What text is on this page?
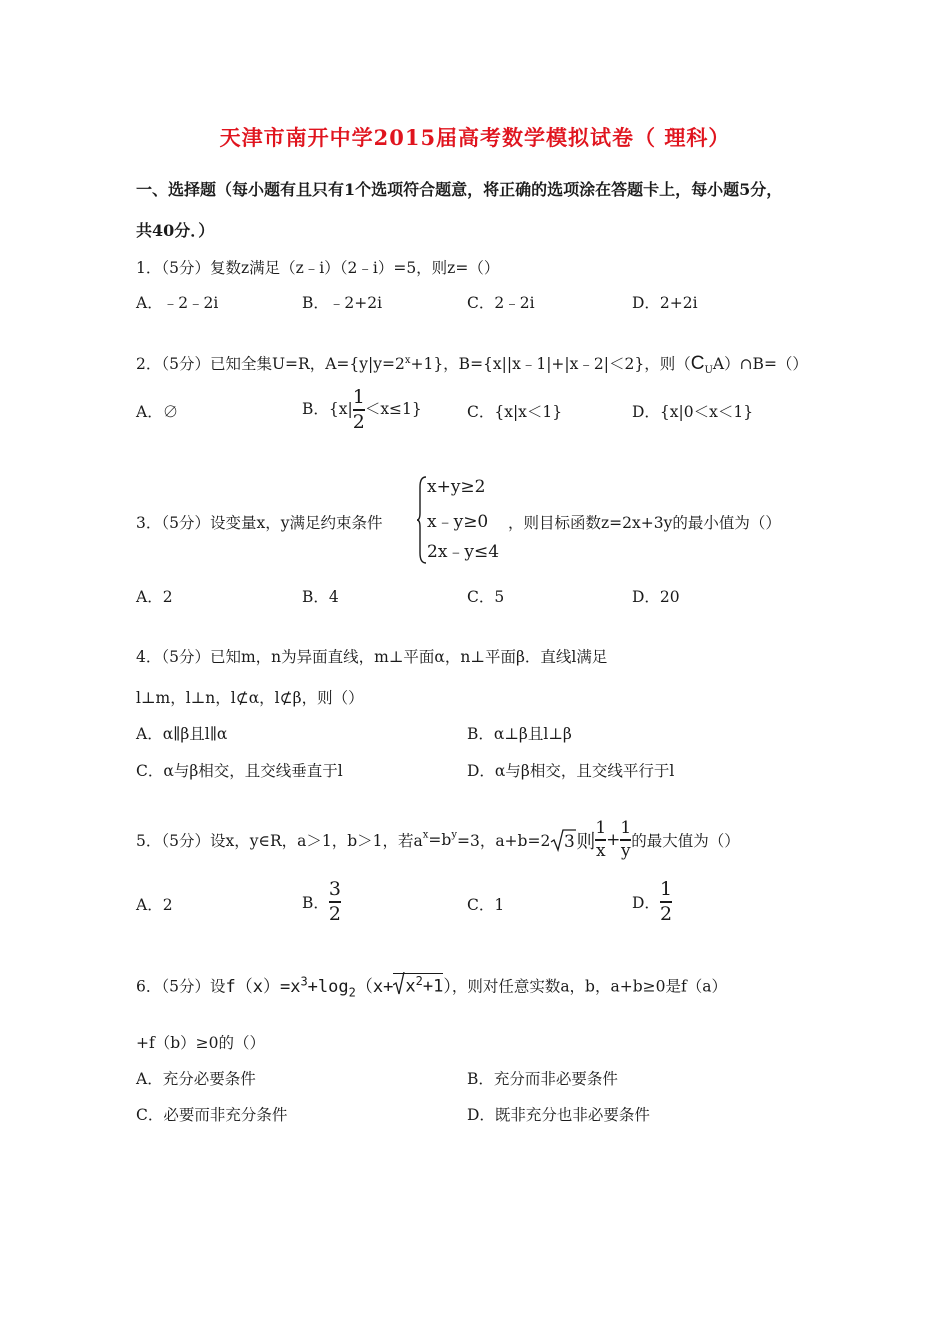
天津市南开中学2015届高考数学模拟试卷（ 理科）
一、选择题（每小题有且只有1个选项符合题意，将正确的选项涂在答题卡上，每小题5分，
共40分．）
1．（5分）复数z满足（z﹣i）（2﹣i）=5，则z=（）
A．﹣2﹣2i	B．﹣2+2i	C．2﹣2i	D．2+2i
2．（5分）已知全集U=R，$A=\{y|y=2^x+1\}$，B={x||x﹣1|+|x﹣2|＜2}，则$(C_UA)\cap B=()$
A．∅	B．$\{x| \frac{1}{2} <x\le 1\}$	C．{x|x＜1}	D．{x|0＜x＜1}
3．（5分）设变量x，y满足约束条件
x+y≥2
x﹣y≥0
2x﹣y≤4
，则目标函数z=2x+3y的最小值为（）
A．2	B．4	C．5	D．20
4．（5分）已知m，n为异面直线，m⊥平面α，n⊥平面β．直线l满足
l⊥m，l⊥n，l⊄α，l⊄β，则（）
A．α∥β且l∥α	B．α⊥β且l⊥β
C．α与β相交，且交线垂直于l	D．α与β相交，且交线平行于l
5．（5分）设x，y∈R，a＞1，b＞1，若$a^x=b^y=3$，a+b=2 3 则 $\frac{1}{x} + \frac{1}{y}$ 的最大值为（）
A．2	B． $\frac{3}{2}$	C．1	D． $\frac{1}{2}$
6．（5分）设$f(x)=x^3+\log_2(x+ x^2+1)$，则对任意实数a，b，a+b≥0是f（a）
+f（b）≥0的（）
A．充分必要条件	B．充分而非必要条件
C．必要而非充分条件	D．既非充分也非必要条件
